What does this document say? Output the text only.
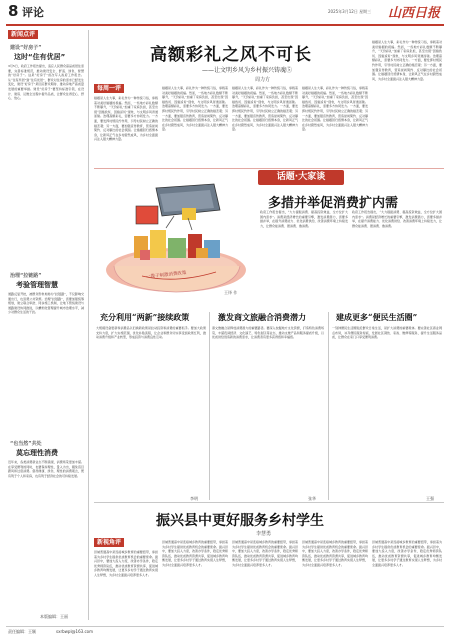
8 评论	2025年3月12日 星期三 山西日报
新闻点评
建设“好房子”
这时“住有优居”
3月5日，政府工作报告提出，适应人民群众高品质居住需要，完善标准规范，推动建设安全、舒适、绿色、智慧的“好房子”。这是“好房子”首次写入政府工作报告。从“住有所居”到“住有优居”，群众对住房的需求已经发生变化，建设“好房子”是回应群众期待、推动房地产高质量发展的重要举措。建设“好房子”要坚持标准引领，在设计、建造、运维全过程中提升品质，让群众住得安心、舒心、放心。
治理“拉链路”
考验管理智慧
道路反复开挖，被群众形象地称为“拉链路”，不仅影响交通出行，也浪费公共资源。治理“拉链路”，需要加强统筹规划，建立联合审批、同步施工机制，让地下管线建设与道路建设协同推进，以精细化管理提升城市治理水平，减少对群众生活的干扰。
“也当然”共处
莫忘理性消费
近年来，各类消费新业态不断涌现，消费场景更加丰富。在享受便利的同时，也要保持理性，量入为出，避免盲目跟风和过度消费。倡导健康、绿色、理性的消费观念，既有利于个人和家庭，也有利于经济社会的可持续发展。
本版编辑：王丽
高额彩礼之风不可长
——让文明乡风为乡村振兴铸魂⑤
周力方
每周一评
婚姻是人生大事，彩礼作为一种传统习俗，承载着对美好婚姻的祝福。然而，一些地方彩礼数额不断攀升，“天价彩礼”加重了家庭负担，甚至出现“因婚致贫、因婚返贫”现象，与文明乡风背道而驰。治理高额彩礼，需要多方协同发力。一方面，要发挥村规民约作用，引导村民树立正确的婚恋观；另一方面，要加强宣传教育，营造崇尚简约、反对攀比的社会氛围。让婚姻回归感情本身，让新风正气在乡村蔚然成风，为乡村全面振兴注入强大精神力量。
婚姻是人生大事，彩礼作为一种传统习俗，承载着对美好婚姻的祝福。然而，一些地方彩礼数额不断攀升，“天价彩礼”加重了家庭负担，甚至出现“因婚致贫、因婚返贫”现象，与文明乡风背道而驰。治理高额彩礼，需要多方协同发力。一方面，要发挥村规民约作用，引导村民树立正确的婚恋观；另一方面，要加强宣传教育，营造崇尚简约、反对攀比的社会氛围。让婚姻回归感情本身，让新风正气在乡村蔚然成风，为乡村全面振兴注入强大精神力量。
婚姻是人生大事，彩礼作为一种传统习俗，承载着对美好婚姻的祝福。然而，一些地方彩礼数额不断攀升，“天价彩礼”加重了家庭负担，甚至出现“因婚致贫、因婚返贫”现象，与文明乡风背道而驰。治理高额彩礼，需要多方协同发力。一方面，要发挥村规民约作用，引导村民树立正确的婚恋观；另一方面，要加强宣传教育，营造崇尚简约、反对攀比的社会氛围。让婚姻回归感情本身，让新风正气在乡村蔚然成风，为乡村全面振兴注入强大精神力量。
婚姻是人生大事，彩礼作为一种传统习俗，承载着对美好婚姻的祝福。然而，一些地方彩礼数额不断攀升，“天价彩礼”加重了家庭负担，甚至出现“因婚致贫、因婚返贫”现象，与文明乡风背道而驰。治理高额彩礼，需要多方协同发力。一方面，要发挥村规民约作用，引导村民树立正确的婚恋观；另一方面，要加强宣传教育，营造崇尚简约、反对攀比的社会氛围。让婚姻回归感情本身，让新风正气在乡村蔚然成风，为乡村全面振兴注入强大精神力量。
婚姻是人生大事，彩礼作为一种传统习俗，承载着对美好婚姻的祝福。然而，一些地方彩礼数额不断攀升，“天价彩礼”加重了家庭负担，甚至出现“因婚致贫、因婚返贫”现象，与文明乡风背道而驰。治理高额彩礼，需要多方协同发力。一方面，要发挥村规民约作用，引导村民树立正确的婚恋观；另一方面，要加强宣传教育，营造崇尚简约、反对攀比的社会氛围。让婚姻回归感情本身，让新风正气在乡村蔚然成风，为乡村全面振兴注入强大精神力量。
话题·大家谈
多措并举促消费扩内需
一揽子刺激消费政策
王铎 作
政府工作报告提出，“大力提振消费、提高投资效益，全方位扩大国内需求”。消费是经济增长的重要引擎，激发消费潜力，需要多措并举，在提升消费能力、优化消费供给、改善消费环境上持续发力，让群众能消费、愿消费、敢消费。
政府工作报告提出，“大力提振消费、提高投资效益，全方位扩大国内需求”。消费是经济增长的重要引擎，激发消费潜力，需要多措并举，在提升消费能力、优化消费供给、改善消费环境上持续发力，让群众能消费、愿消费、敢消费。
充分利用“两新”接续政策
大规模设备更新和消费品以旧换新政策是拉动投资和消费的重要抓手。要加大政策支持力度，扩大实施范围，优化补贴流程，让企业和群众切实享受到政策红利，推动消费升级和产业转型，形成投资与消费良性互动。
李明
激发商文旅融合消费潜力
商文旅融合是释放消费潜力的重要路径。要深入挖掘地方文化资源，打造特色消费场景，丰富夜间经济、文化演艺、特色街区等业态，推动文旅产品和服务提质升级，以优质供给创造新的消费需求，让消费者有更多获得感和幸福感。
张华
建成更多“便民生活圈”
一刻钟便民生活圈贴近群众日常生活，是扩大消费的重要载体。要完善社区商业网点布局，补齐便民服务短板，发展社区餐饮、家政、维修等服务，提升生活服务品质，让群众在家门口享受便利消费。
王强
振兴县中更好服务乡村学生
李慧勇
新视角评
县域普通高中是连接城乡教育的重要纽带，承担着为乡村学生提供优质教育机会的重要使命。振兴县中，要加大投入力度，改善办学条件，稳定优秀师资队伍，推动优质教育资源共享，促进城乡教育均衡发展，让更多乡村学子通过教育实现人生梦想，为乡村全面振兴培养更多人才。
县域普通高中是连接城乡教育的重要纽带，承担着为乡村学生提供优质教育机会的重要使命。振兴县中，要加大投入力度，改善办学条件，稳定优秀师资队伍，推动优质教育资源共享，促进城乡教育均衡发展，让更多乡村学子通过教育实现人生梦想，为乡村全面振兴培养更多人才。
县域普通高中是连接城乡教育的重要纽带，承担着为乡村学生提供优质教育机会的重要使命。振兴县中，要加大投入力度，改善办学条件，稳定优秀师资队伍，推动优质教育资源共享，促进城乡教育均衡发展，让更多乡村学子通过教育实现人生梦想，为乡村全面振兴培养更多人才。
县域普通高中是连接城乡教育的重要纽带，承担着为乡村学生提供优质教育机会的重要使命。振兴县中，要加大投入力度，改善办学条件，稳定优秀师资队伍，推动优质教育资源共享，促进城乡教育均衡发展，让更多乡村学子通过教育实现人生梦想，为乡村全面振兴培养更多人才。
县域普通高中是连接城乡教育的重要纽带，承担着为乡村学生提供优质教育机会的重要使命。振兴县中，要加大投入力度，改善办学条件，稳定优秀师资队伍，推动优质教育资源共享，促进城乡教育均衡发展，让更多乡村学子通过教育实现人生梦想，为乡村全面振兴培养更多人才。
责任编辑：王颖	sxrbwpl@163.com
